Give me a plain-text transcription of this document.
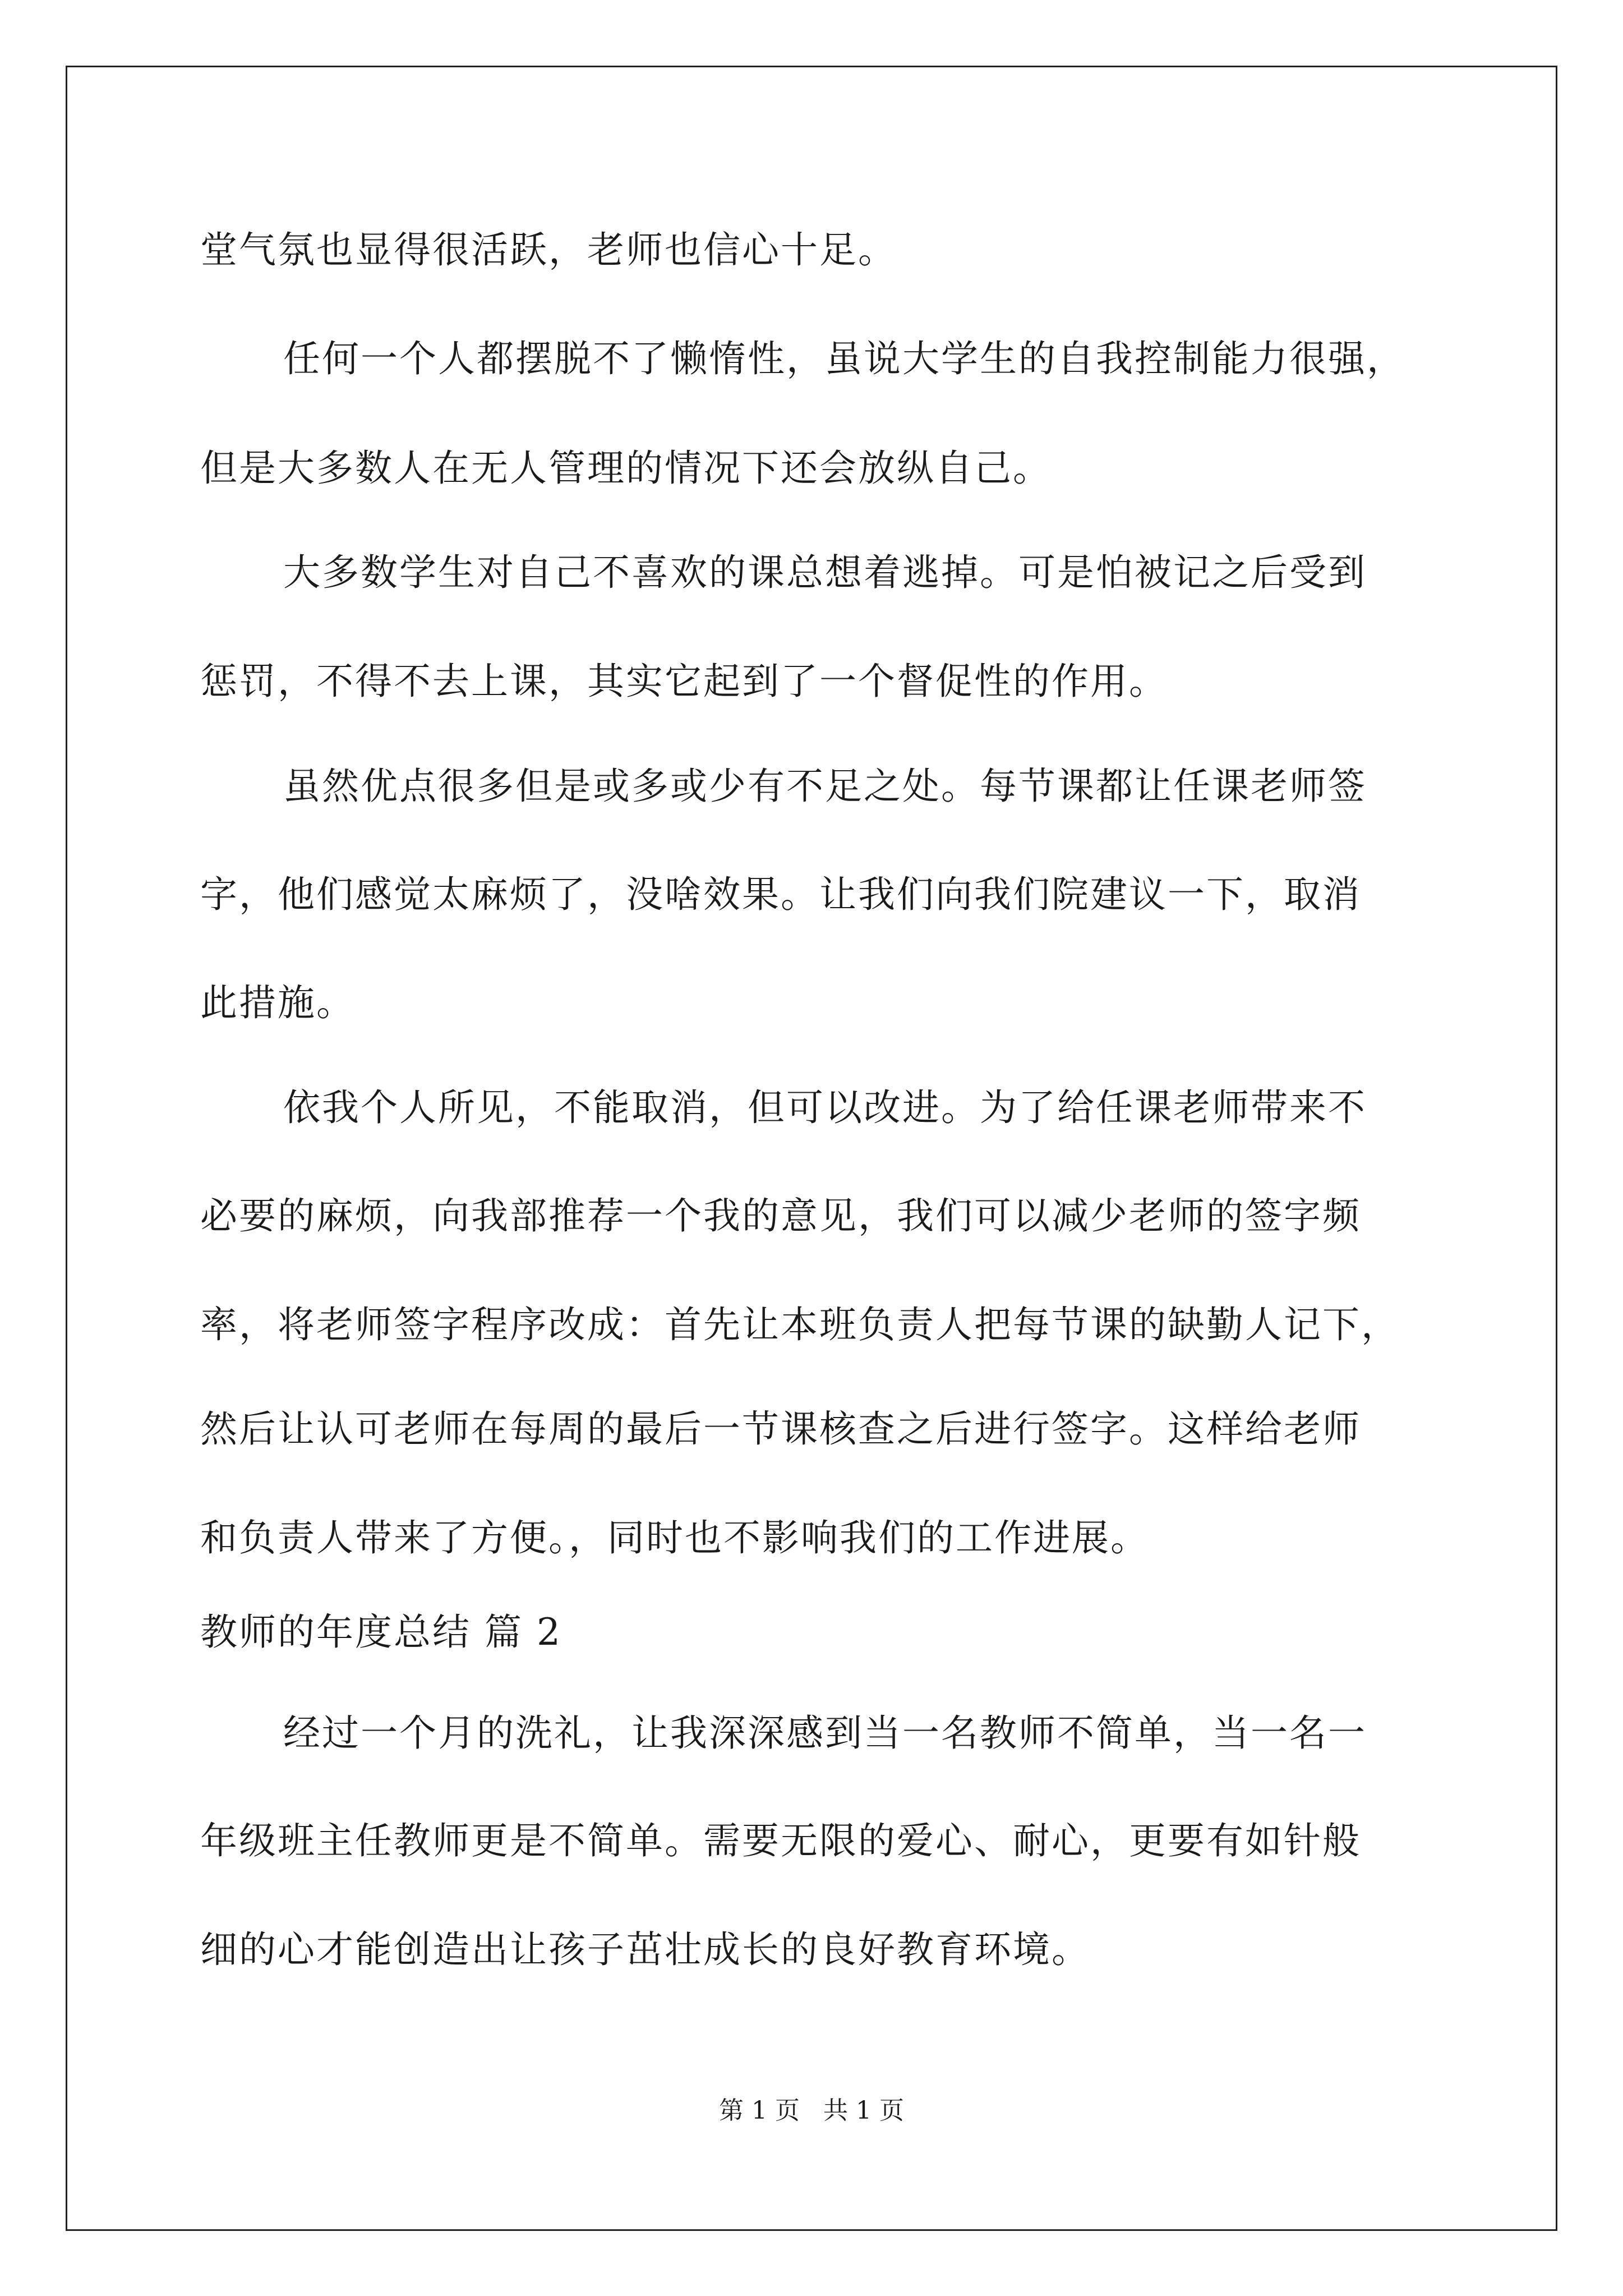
堂气氛也显得很活跃，老师也信心十足。
任何一个人都摆脱不了懒惰性，虽说大学生的自我控制能力很强，
但是大多数人在无人管理的情况下还会放纵自己。
大多数学生对自己不喜欢的课总想着逃掉。可是怕被记之后受到
惩罚，不得不去上课，其实它起到了一个督促性的作用。
虽然优点很多但是或多或少有不足之处。每节课都让任课老师签
字，他们感觉太麻烦了，没啥效果。让我们向我们院建议一下，取消
此措施。
依我个人所见，不能取消，但可以改进。为了给任课老师带来不
必要的麻烦，向我部推荐一个我的意见，我们可以减少老师的签字频
率，将老师签字程序改成：首先让本班负责人把每节课的缺勤人记下，
然后让认可老师在每周的最后一节课核查之后进行签字。这样给老师
和负责人带来了方便。，同时也不影响我们的工作进展。
教师的年度总结 篇 2
经过一个月的洗礼，让我深深感到当一名教师不简单，当一名一
年级班主任教师更是不简单。需要无限的爱心、耐心，更要有如针般
细的心才能创造出让孩子茁壮成长的良好教育环境。
第 1 页   共 1 页
